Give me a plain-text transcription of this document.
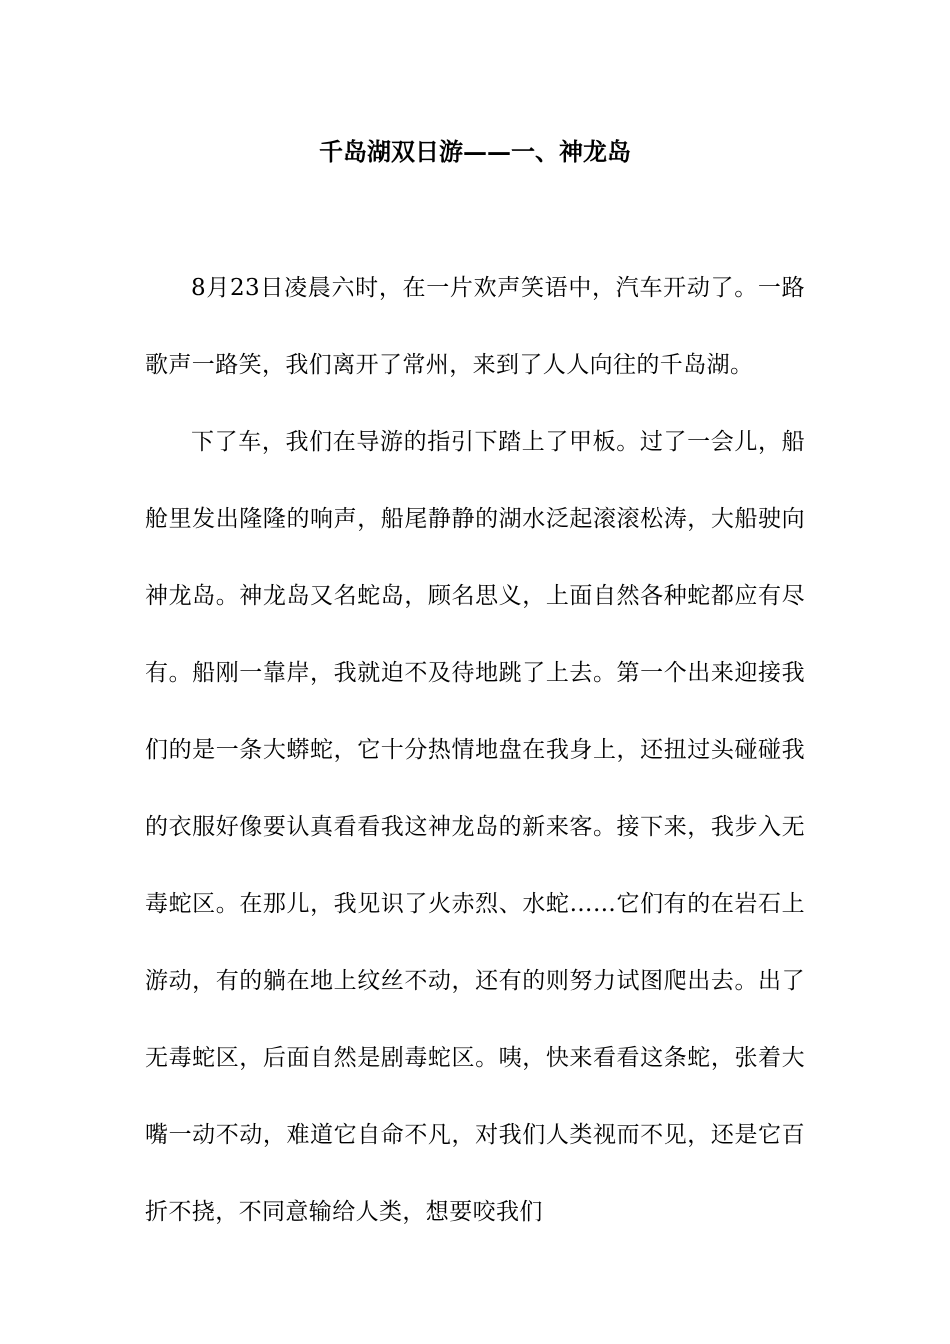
千岛湖双日游——一、神龙岛

8月23日凌晨六时，在一片欢声笑语中，汽车开动了。一路歌声一路笑，我们离开了常州，来到了人人向往的千岛湖。

下了车，我们在导游的指引下踏上了甲板。过了一会儿，船舱里发出隆隆的响声，船尾静静的湖水泛起滚滚松涛，大船驶向神龙岛。神龙岛又名蛇岛，顾名思义，上面自然各种蛇都应有尽有。船刚一靠岸，我就迫不及待地跳了上去。第一个出来迎接我们的是一条大蟒蛇，它十分热情地盘在我身上，还扭过头碰碰我的衣服好像要认真看看我这神龙岛的新来客。接下来，我步入无毒蛇区。在那儿，我见识了火赤烈、水蛇……它们有的在岩石上游动，有的躺在地上纹丝不动，还有的则努力试图爬出去。出了无毒蛇区，后面自然是剧毒蛇区。咦，快来看看这条蛇，张着大嘴一动不动，难道它自命不凡，对我们人类视而不见，还是它百折不挠，不同意输给人类，想要咬我们
